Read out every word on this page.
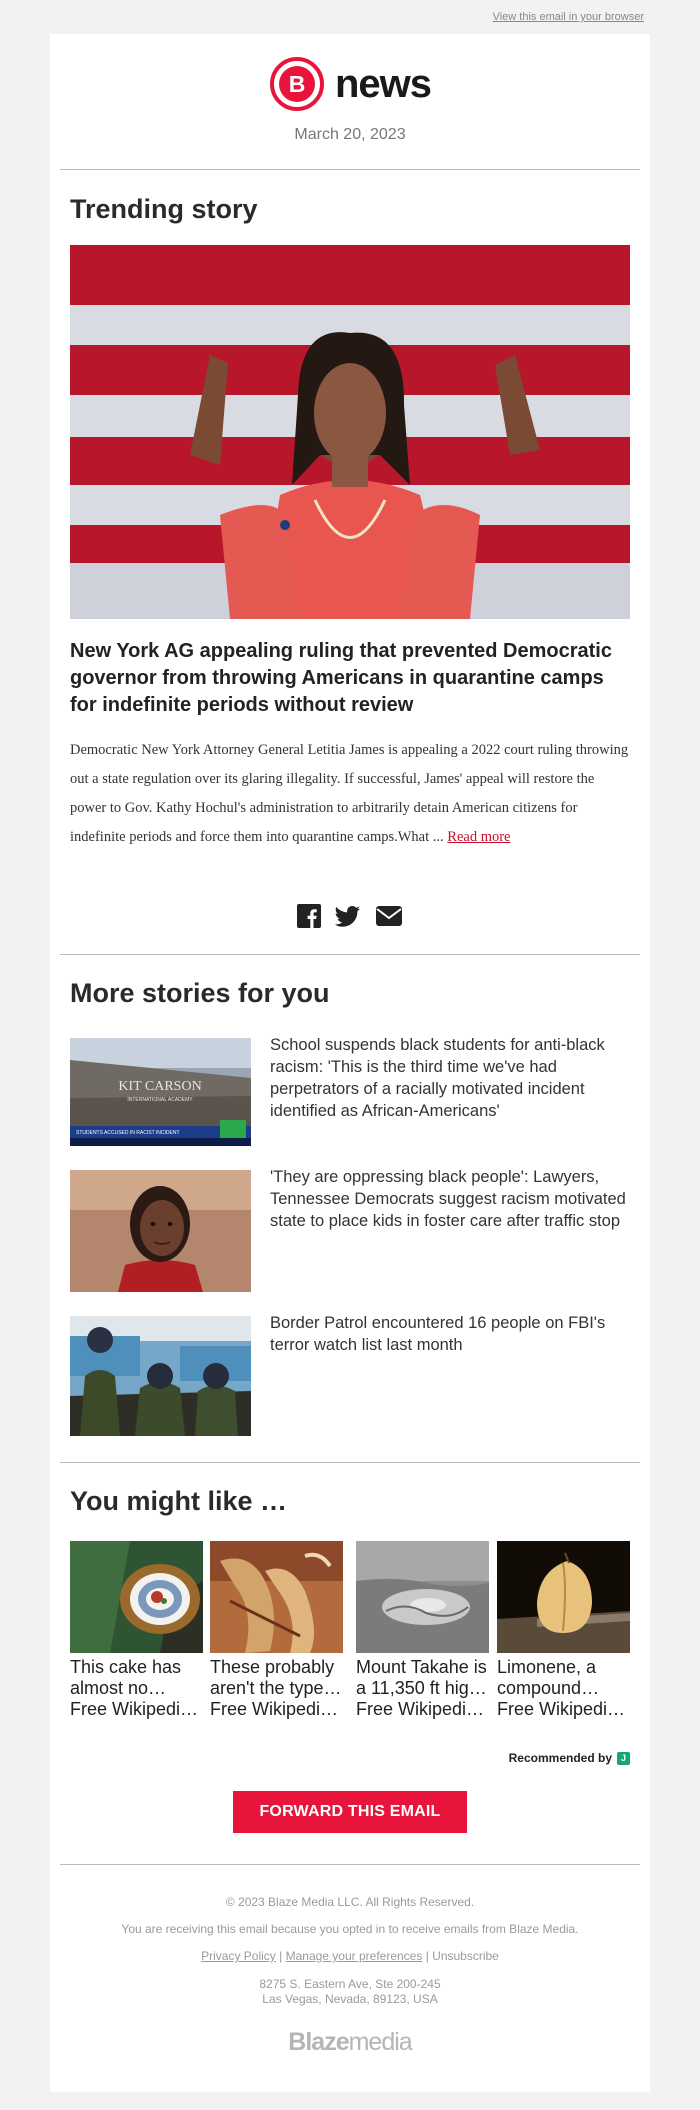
View this email in your browser
B news
March 20, 2023
Trending story
New York AG appealing ruling that prevented Democratic governor from throwing Americans in quarantine camps for indefinite periods without review
Democratic New York Attorney General Letitia James is appealing a 2022 court ruling throwing out a state regulation over its glaring illegality. If successful, James' appeal will restore the power to Gov. Kathy Hochul's administration to arbitrarily detain American citizens for indefinite periods and force them into quarantine camps.What ... Read more
More stories for you
KIT CARSON
INTERNATIONAL ACADEMY
STUDENTS ACCUSED IN RACIST INCIDENT
School suspends black students for anti-black racism: 'This is the third time we've had perpetrators of a racially motivated incident identified as African-Americans'
'They are oppressing black people': Lawyers, Tennessee Democrats suggest racism motivated state to place kids in foster care after traffic stop
Border Patrol encountered 16 people on FBI's terror watch list last month
You might like …
This cake has almost no
Free Wikipedi…
These probably aren't the type
Free Wikipedi…
Mount Takahe is a 11,350 ft high
Free Wikipedi…
Limonene, a compound
Free Wikipedi…
Recommended by J
FORWARD THIS EMAIL
© 2023 Blaze Media LLC. All Rights Reserved.
You are receiving this email because you opted in to receive emails from Blaze Media.
Privacy Policy | Manage your preferences | Unsubscribe
8275 S. Eastern Ave, Ste 200-245
Las Vegas, Nevada, 89123, USA
Blazemedia
